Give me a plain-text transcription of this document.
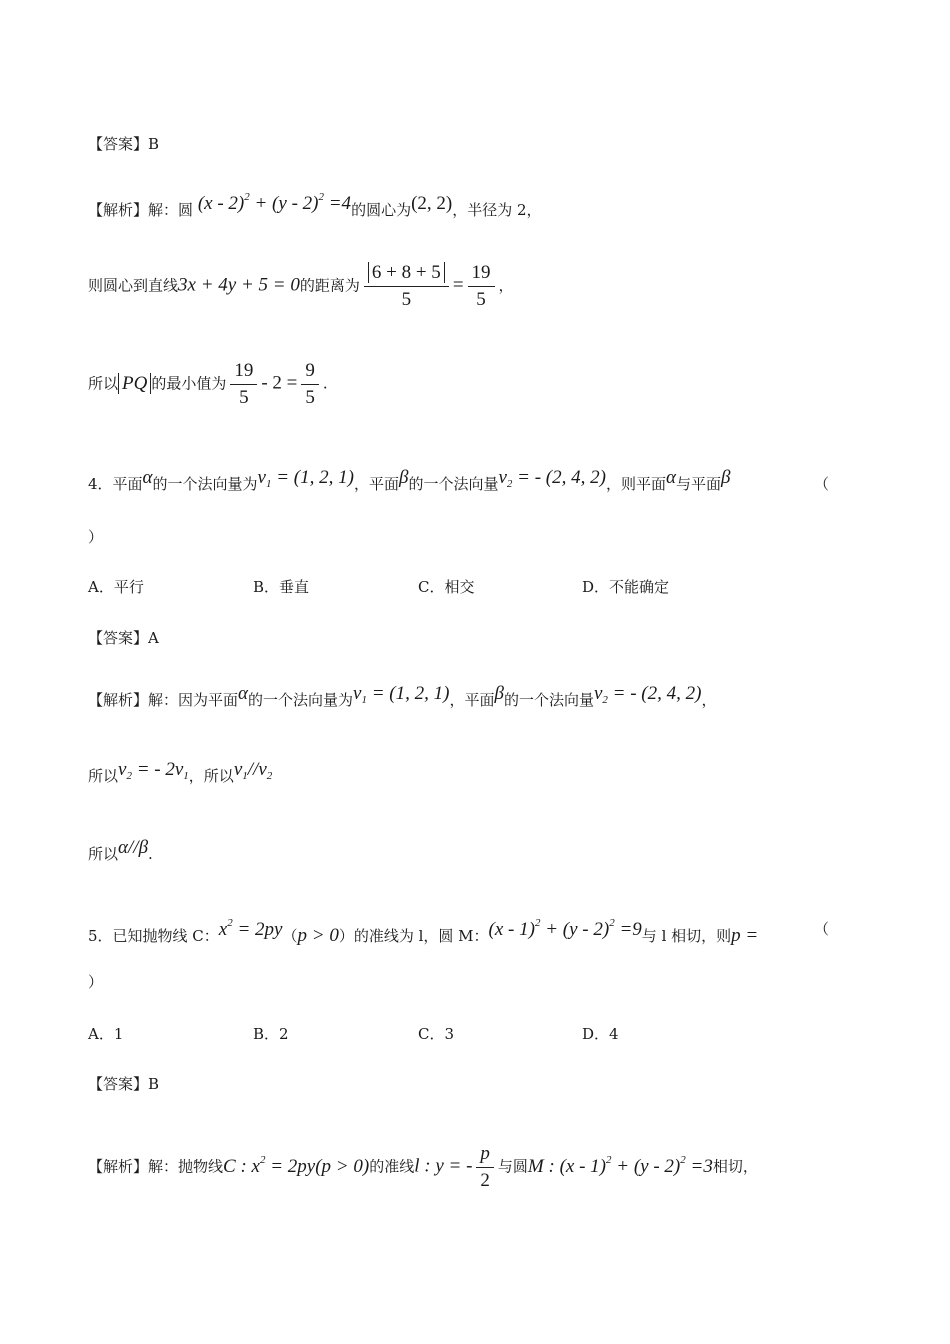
【答案】B
【解析】解：圆 (x - 2)$^2$ + (y - 2)$^2$ =4的圆心为(2, 2)，半径为 2，
则圆心到直线3x + 4y + 5 = 0的距离为 $\frac{6 + 8 + 5}{5} = \frac{19}{5}$ ，
所以 PQ 的最小值为 $\frac{19}{5} - 2 = \frac{9}{5}$ .
4．平面α的一个法向量为$v_1 = (1$, 2, 1)，平面β的一个法向量$v_2$ = - (2, 4, 2)，则平面α与平面β	（
）
A．平行	B．垂直	C．相交	D．不能确定
【答案】A
【解析】解：因为平面α的一个法向量为$v_1 = (1$, 2, 1)，平面β的一个法向量$v_2$ = - (2, 4, 2)，
所以$v_2$ = - $2v_1$，所以$v_1//v_2$
所以α//β.
5．已知抛物线 C：$x^2 = 2py(p > 0)$的准线为 l，圆 M：(x - 1)$^2$ + (y - 2)$^2$ =9与 l 相切，则p =	（
）
A．1	B．2	C．3	D．4
【答案】B
【解析】解：抛物线C : $x^2 = 2py(p > 0)$的准线l : y = - $\frac{p}{2}$ 与圆M : (x - 1)$^2$ + (y - 2)$^2$ =3相切，
